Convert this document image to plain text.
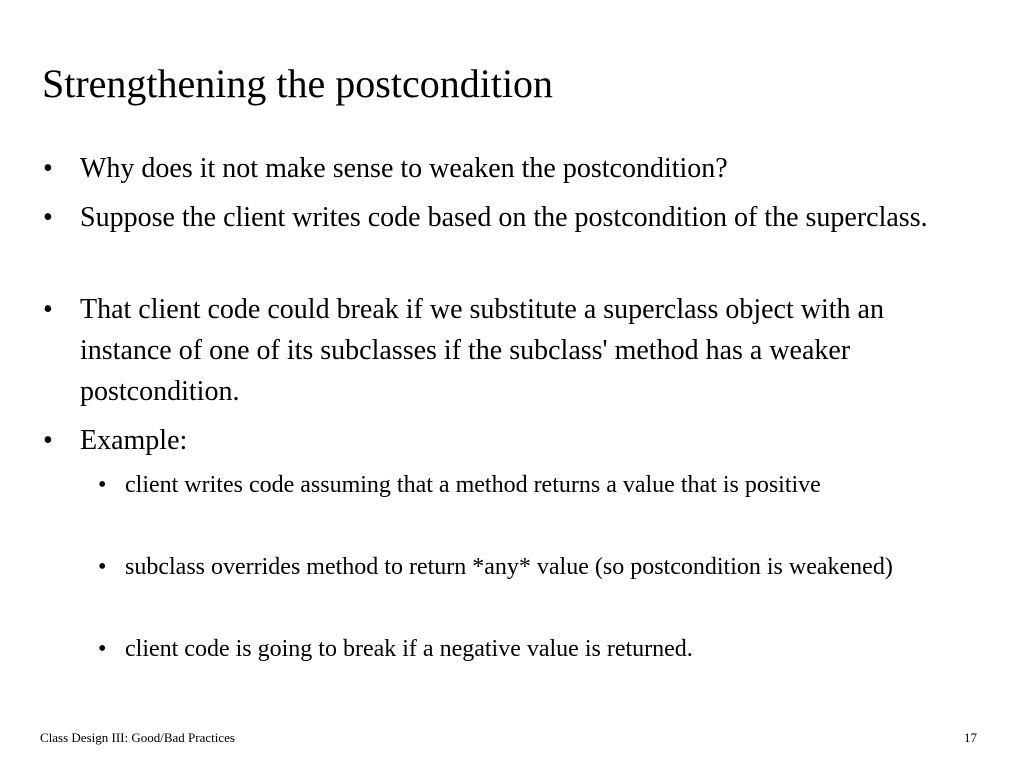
Strengthening the postcondition
• Why does it not make sense to weaken the postcondition?
• Suppose the client writes code based on the postcondition of the superclass.
• That client code could break if we substitute a superclass object with an instance of one of its subclasses if the subclass' method has a weaker postcondition.
• Example:
• client writes code assuming that a method returns a value that is positive
• subclass overrides method to return *any* value (so postcondition is weakened)
• client code is going to break if a negative value is returned.
Class Design III: Good/Bad Practices	17
